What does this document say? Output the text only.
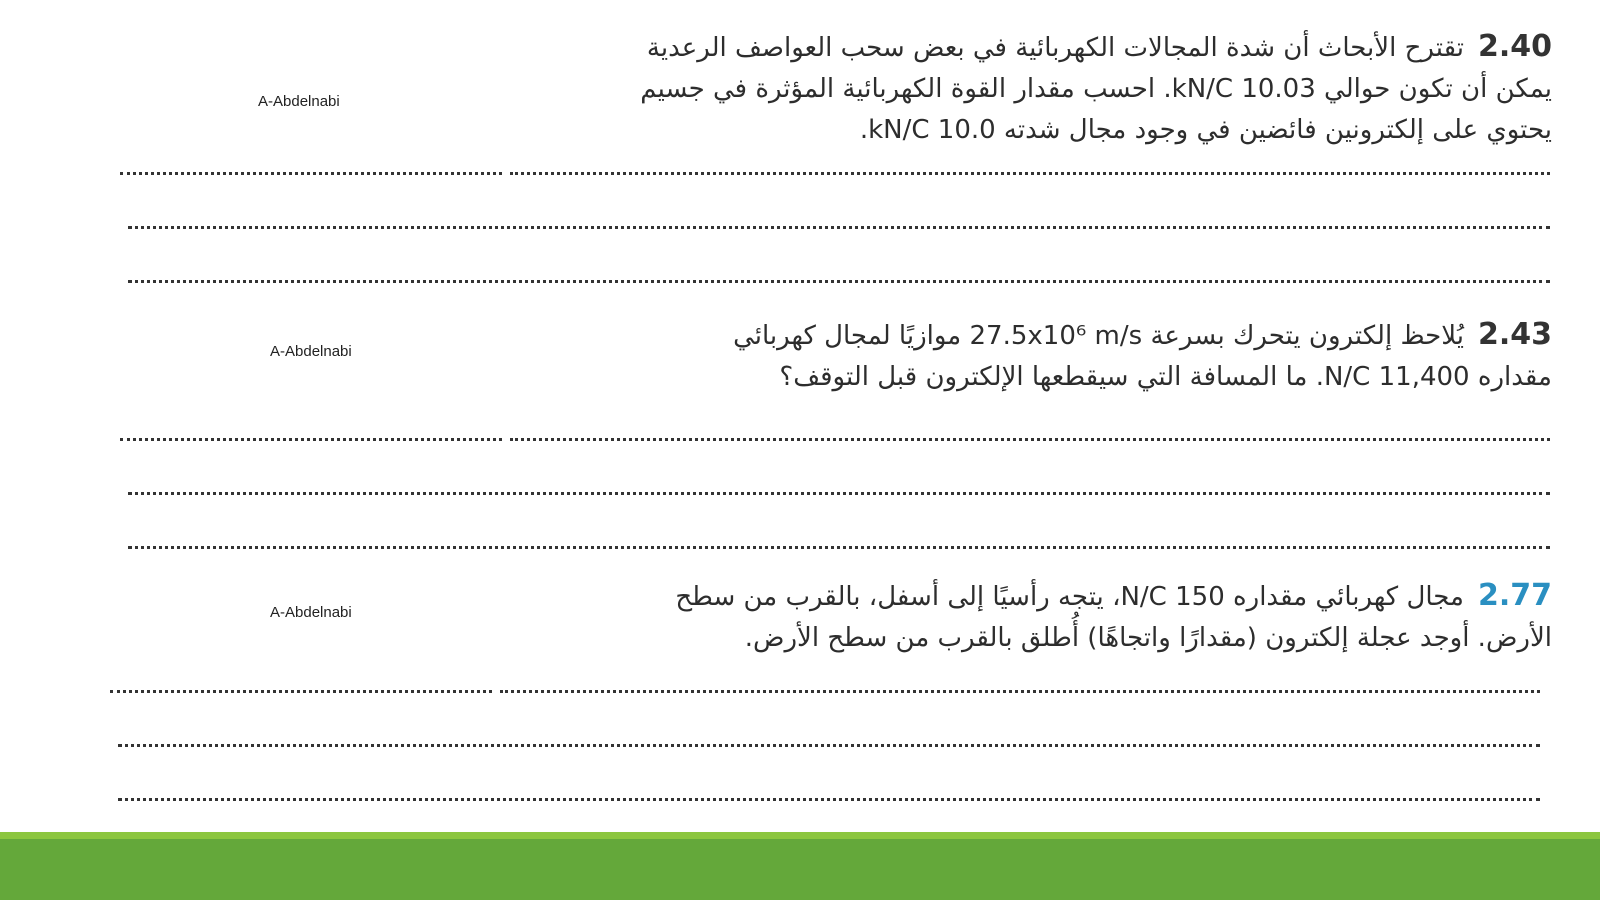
2.40تقترح الأبحاث أن شدة المجالات الكهربائية في بعض سحب العواصف الرعدية
يمكن أن تكون حوالي 10.03 kN/C. احسب مقدار القوة الكهربائية المؤثرة في جسيم
يحتوي على إلكترونين فائضين في وجود مجال شدته 10.0 kN/C.
A-Abdelnabi
2.43يُلاحظ إلكترون يتحرك بسرعة 27.5x10⁶ m/s موازيًا لمجال كهربائي
مقداره 11,400 N/C. ما المسافة التي سيقطعها الإلكترون قبل التوقف؟
A-Abdelnabi
2.77مجال كهربائي مقداره 150 N/C، يتجه رأسيًا إلى أسفل، بالقرب من سطح
الأرض. أوجد عجلة إلكترون (مقدارًا واتجاهًا) أُطلق بالقرب من سطح الأرض.
A-Abdelnabi
